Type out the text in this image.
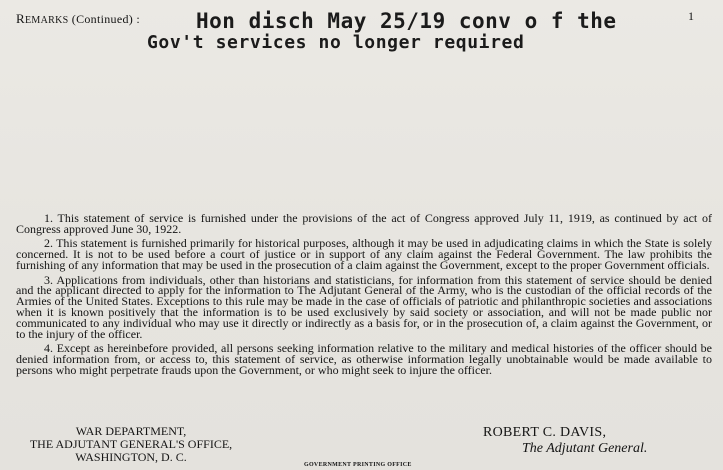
REMARKS (Continued) :	Hon disch May 25/19 conv o f the
Gov't services no longer required
1

1. This statement of service is furnished under the provisions of the act of Congress approved July 11, 1919, as continued by act of Congress approved June 30, 1922.

2. This statement is furnished primarily for historical purposes, although it may be used in adjudicating claims in which the State is solely concerned. It is not to be used before a court of justice or in support of any claim against the Federal Government. The law prohibits the furnishing of any information that may be used in the prosecution of a claim against the Government, except to the proper Government officials.

3. Applications from individuals, other than historians and statisticians, for information from this statement of service should be denied and the applicant directed to apply for the information to The Adjutant General of the Army, who is the custodian of the official records of the Armies of the United States. Exceptions to this rule may be made in the case of officials of patriotic and philanthropic societies and associations when it is known positively that the information is to be used exclusively by said society or association, and will not be made public nor communicated to any individual who may use it directly or indirectly as a basis for, or in the prosecution of, a claim against the Government, or to the injury of the officer.

4. Except as hereinbefore provided, all persons seeking information relative to the military and medical histories of the officer should be denied information from, or access to, this statement of service, as otherwise information legally unobtainable would be made available to persons who might perpetrate frauds upon the Government, or who might seek to injure the officer.

WAR DEPARTMENT,
THE ADJUTANT GENERAL'S OFFICE,
WASHINGTON, D. C.
ROBERT C. DAVIS,
The Adjutant General.
GOVERNMENT PRINTING OFFICE
